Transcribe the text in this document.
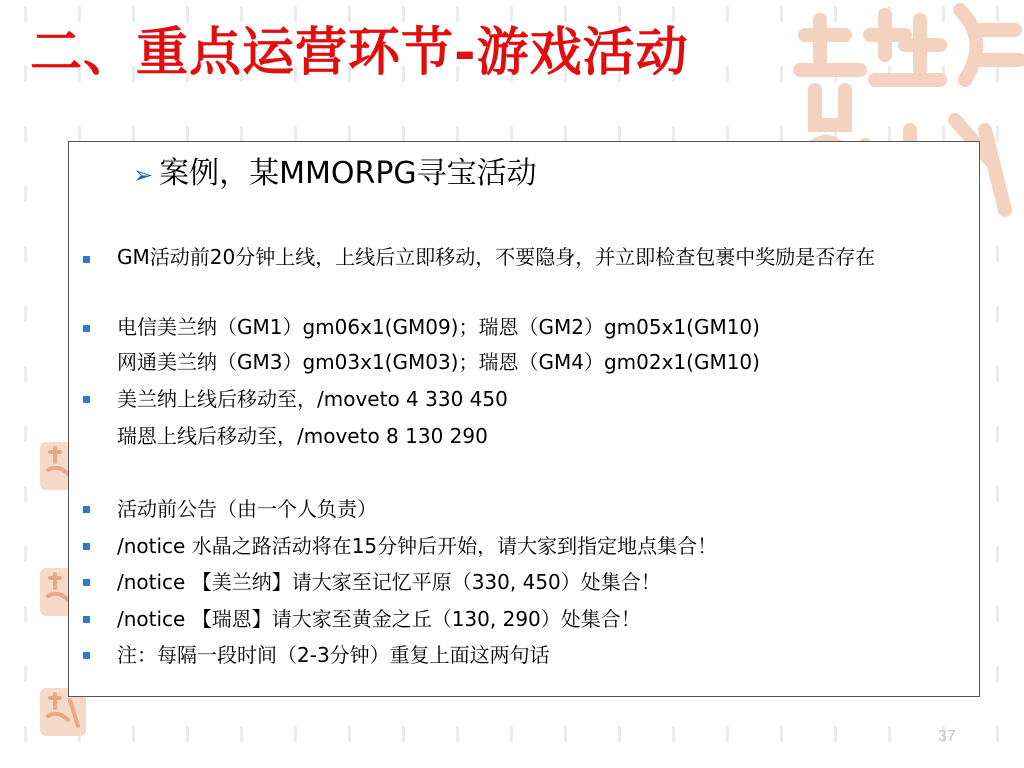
二、重点运营环节-游戏活动
➢ 案例，某MMORPG寻宝活动
GM活动前20分钟上线，上线后立即移动，不要隐身，并立即检查包裹中奖励是否存在
电信美兰纳（GM1）gm06x1(GM09)；瑞恩（GM2）gm05x1(GM10)
网通美兰纳（GM3）gm03x1(GM03)；瑞恩（GM4）gm02x1(GM10)
美兰纳上线后移动至，/moveto 4 330 450
瑞恩上线后移动至，/moveto 8 130 290
活动前公告（由一个人负责）
/notice 水晶之路活动将在15分钟后开始，请大家到指定地点集合！
/notice 【美兰纳】请大家至记忆平原（330, 450）处集合！
/notice 【瑞恩】请大家至黄金之丘（130, 290）处集合！
注：每隔一段时间（2-3分钟）重复上面这两句话
37
